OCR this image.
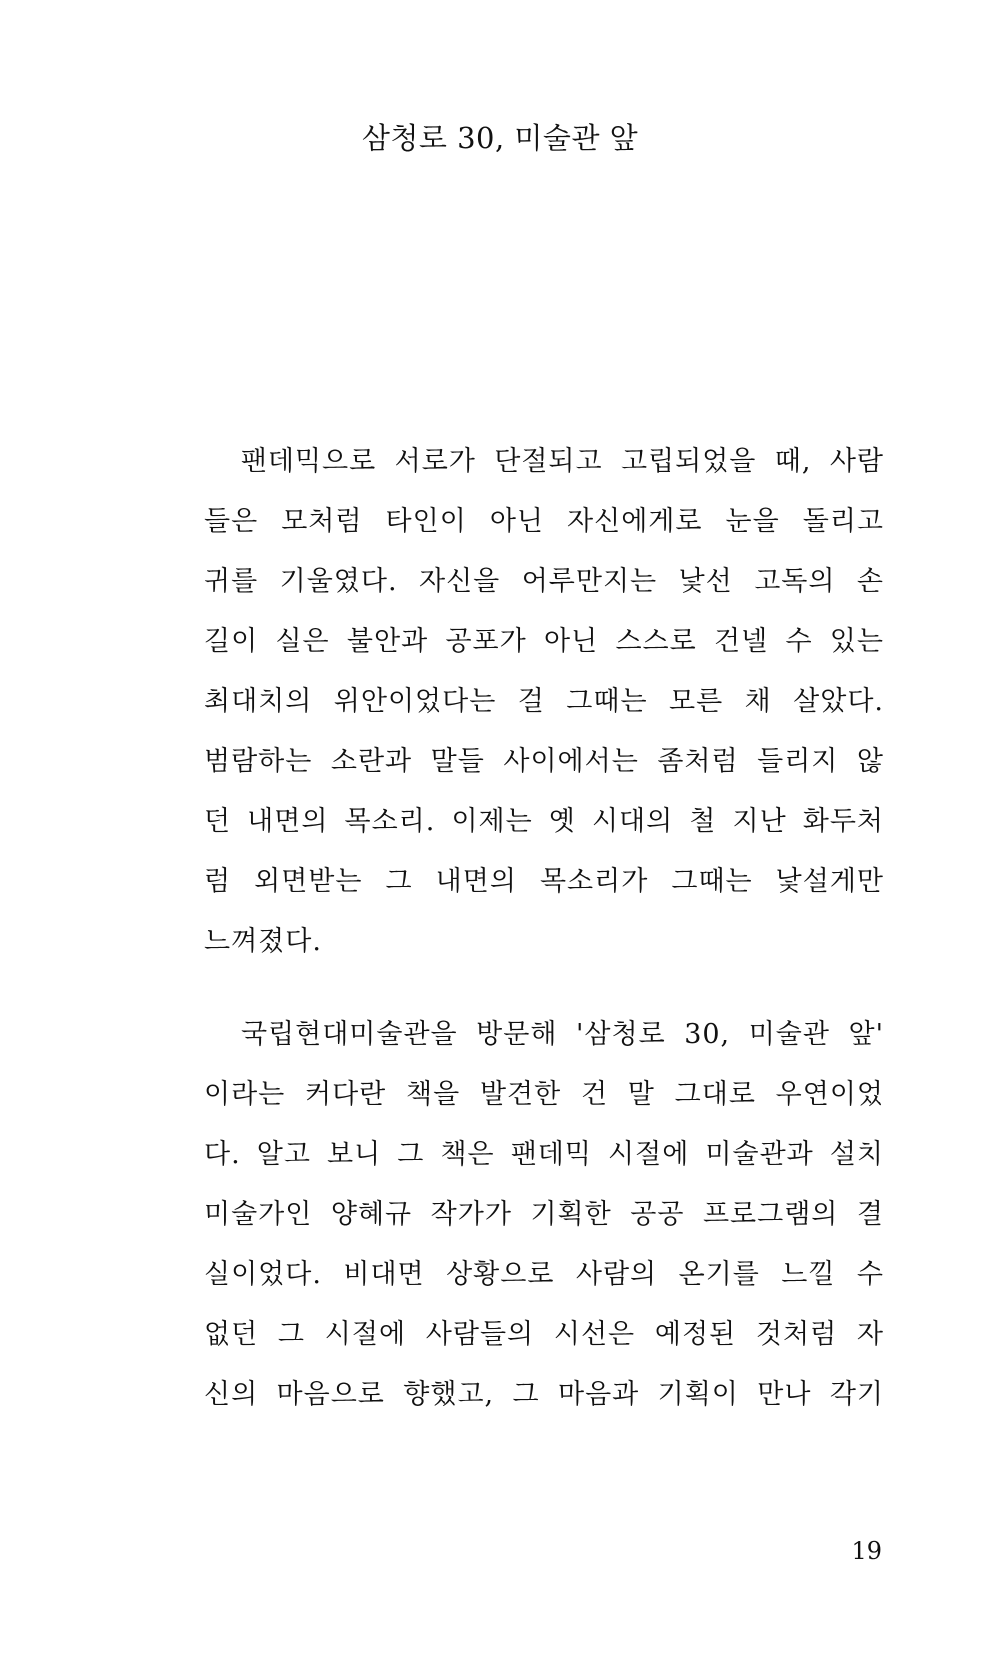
삼청로 30, 미술관 앞

　팬데믹으로 서로가 단절되고 고립되었을 때, 사람
들은 모처럼 타인이 아닌 자신에게로 눈을 돌리고
귀를 기울였다. 자신을 어루만지는 낯선 고독의 손
길이 실은 불안과 공포가 아닌 스스로 건넬 수 있는
최대치의 위안이었다는 걸 그때는 모른 채 살았다.
범람하는 소란과 말들 사이에서는 좀처럼 들리지 않
던 내면의 목소리. 이제는 옛 시대의 철 지난 화두처
럼 외면받는 그 내면의 목소리가 그때는 낯설게만
느껴졌다.

　국립현대미술관을 방문해 '삼청로 30, 미술관 앞'
이라는 커다란 책을 발견한 건 말 그대로 우연이었
다. 알고 보니 그 책은 팬데믹 시절에 미술관과 설치
미술가인 양혜규 작가가 기획한 공공 프로그램의 결
실이었다. 비대면 상황으로 사람의 온기를 느낄 수
없던 그 시절에 사람들의 시선은 예정된 것처럼 자
신의 마음으로 향했고, 그 마음과 기획이 만나 각기

19
